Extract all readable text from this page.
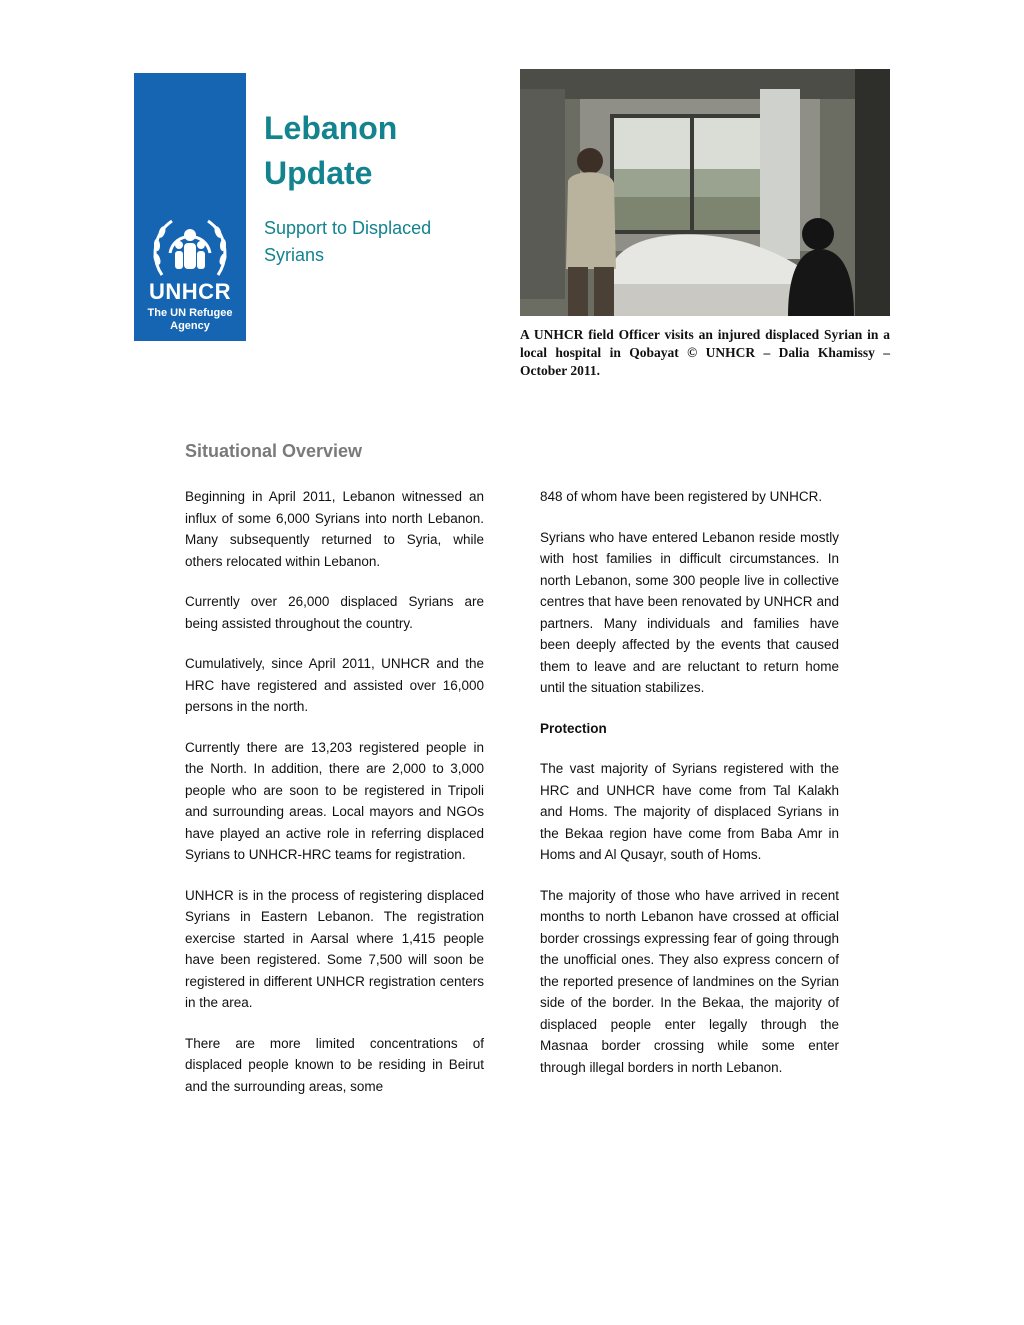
UNHCR
The UN Refugee Agency
Lebanon
Update
Support to Displaced Syrians
A UNHCR field Officer visits an injured displaced Syrian in a local hospital in Qobayat © UNHCR – Dalia Khamissy – October 2011.
Situational Overview

Beginning in April 2011, Lebanon witnessed an influx of some 6,000 Syrians into north Lebanon. Many subsequently returned to Syria, while others relocated within Lebanon.

Currently over 26,000 displaced Syrians are being assisted throughout the country.

Cumulatively, since April 2011, UNHCR and the HRC have registered and assisted over 16,000 persons in the north.

Currently there are 13,203 registered people in the North. In addition, there are 2,000 to 3,000 people who are soon to be registered in Tripoli and surrounding areas. Local mayors and NGOs have played an active role in referring displaced Syrians to UNHCR-HRC teams for registration.

UNHCR is in the process of registering displaced Syrians in Eastern Lebanon. The registration exercise started in Aarsal where 1,415 people have been registered. Some 7,500 will soon be registered in different UNHCR registration centers in the area.

There are more limited concentrations of displaced people known to be residing in Beirut and the surrounding areas, some

848 of whom have been registered by UNHCR.

Syrians who have entered Lebanon reside mostly with host families in difficult circumstances. In north Lebanon, some 300 people live in collective centres that have been renovated by UNHCR and partners. Many individuals and families have been deeply affected by the events that caused them to leave and are reluctant to return home until the situation stabilizes.

Protection

The vast majority of Syrians registered with the HRC and UNHCR have come from Tal Kalakh and Homs. The majority of displaced Syrians in the Bekaa region have come from Baba Amr in Homs and Al Qusayr, south of Homs.

The majority of those who have arrived in recent months to north Lebanon have crossed at official border crossings expressing fear of going through the unofficial ones. They also express concern of the reported presence of landmines on the Syrian side of the border. In the Bekaa, the majority of displaced people enter legally through the Masnaa border crossing while some enter through illegal borders in north Lebanon.
